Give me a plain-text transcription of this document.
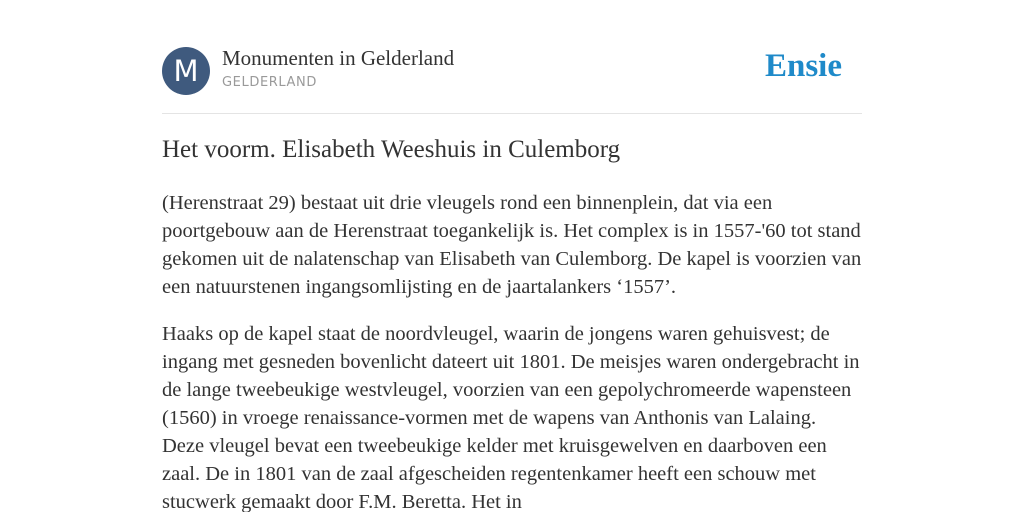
M	Monumenten in Gelderland
GELDERLAND	Ensie
Het voorm. Elisabeth Weeshuis in Culemborg

(Herenstraat 29) bestaat uit drie vleugels rond een binnenplein, dat via een poortgebouw aan de Herenstraat toegankelijk is. Het complex is in 1557-'60 tot stand gekomen uit de nalatenschap van Elisabeth van Culemborg. De kapel is voorzien van een natuurstenen ingangsomlijsting en de jaartalankers ‘1557’.

Haaks op de kapel staat de noordvleugel, waarin de jongens waren gehuisvest; de ingang met gesneden bovenlicht dateert uit 1801. De meisjes waren ondergebracht in de lange tweebeukige westvleugel, voorzien van een gepolychromeerde wapensteen (1560) in vroege renaissance-vormen met de wapens van Anthonis van Lalaing. Deze vleugel bevat een tweebeukige kelder met kruisgewelven en daarboven een zaal. De in 1801 van de zaal afgescheiden regentenkamer heeft een schouw met stucwerk gemaakt door F.M. Beretta. Het in
